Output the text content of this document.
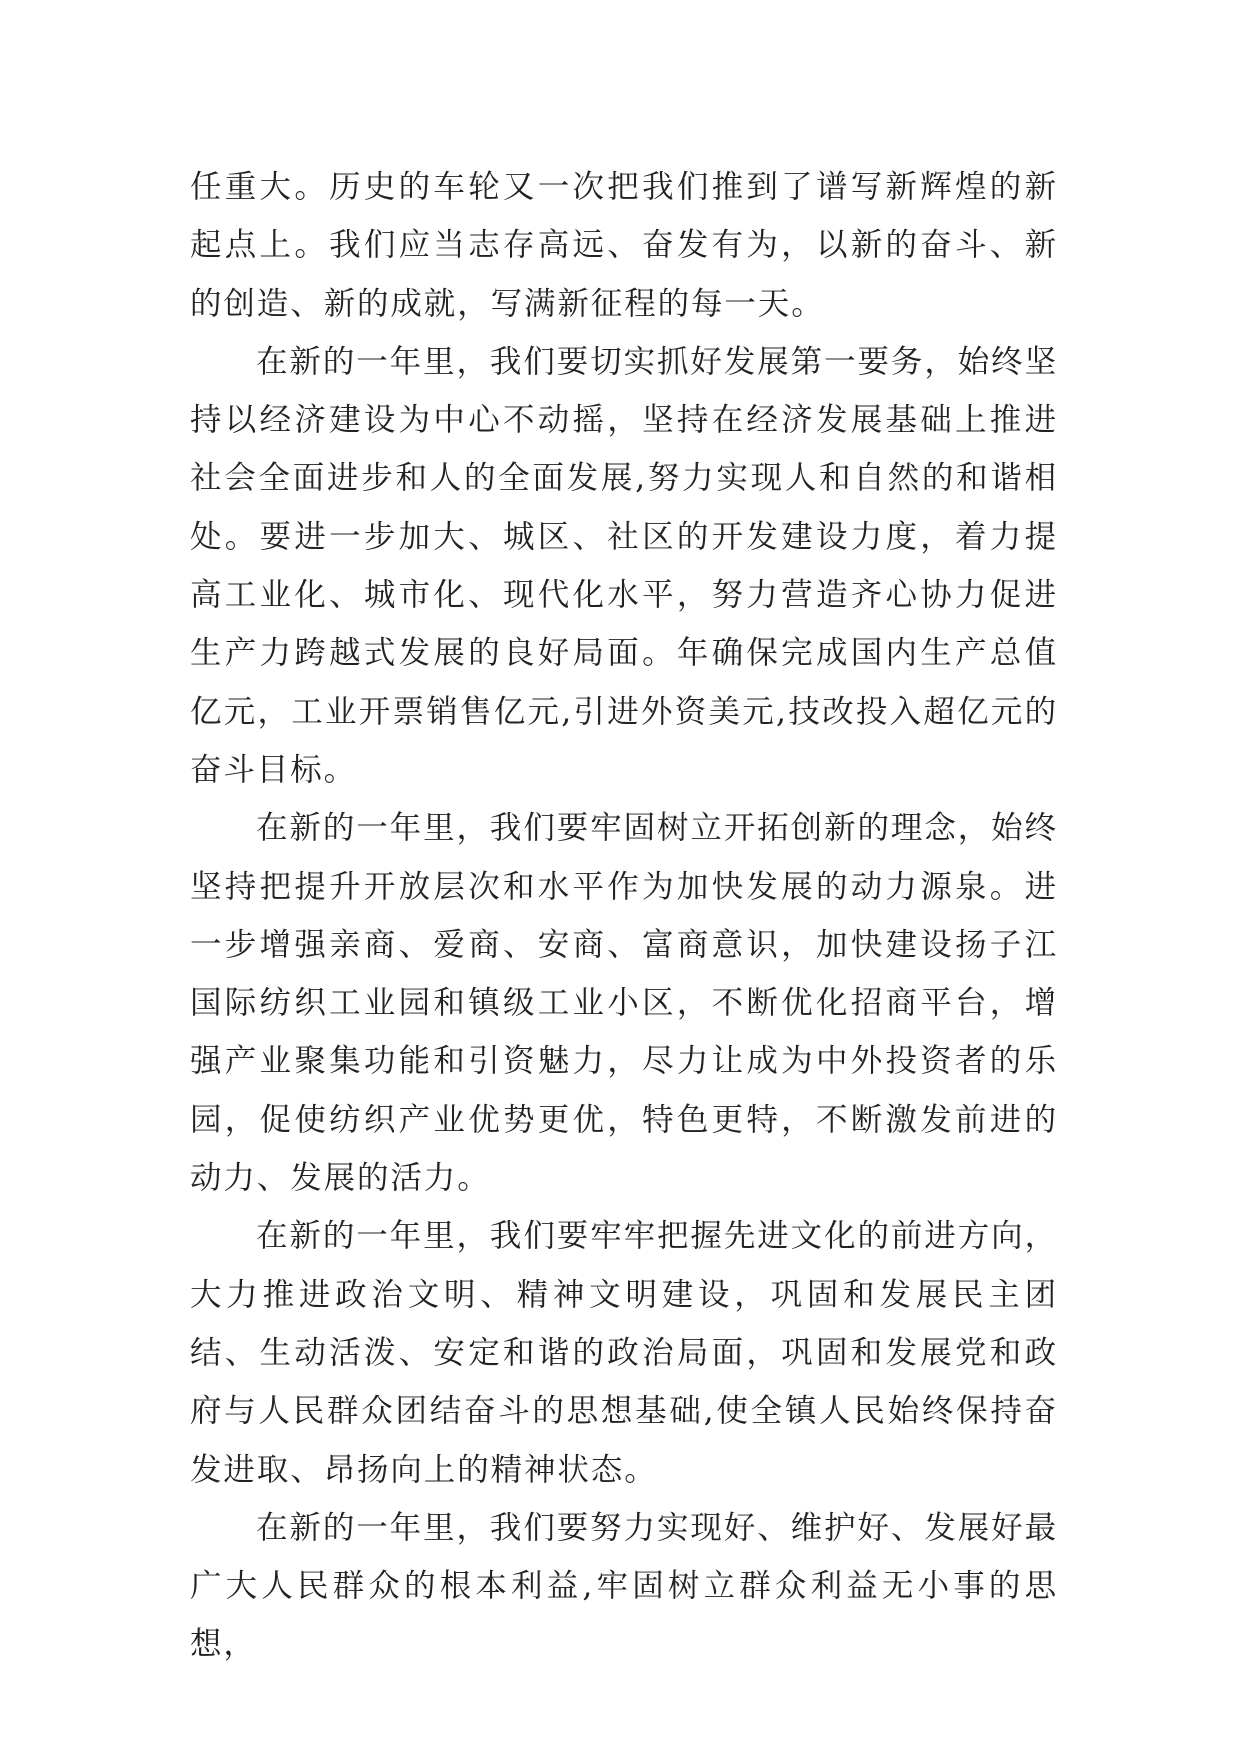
任重大。历史的车轮又一次把我们推到了谱写新辉煌的新起点上。我们应当志存高远、奋发有为，以新的奋斗、新的创造、新的成就，写满新征程的每一天。

在新的一年里，我们要切实抓好发展第一要务，始终坚持以经济建设为中心不动摇，坚持在经济发展基础上推进社会全面进步和人的全面发展,努力实现人和自然的和谐相处。要进一步加大、城区、社区的开发建设力度，着力提高工业化、城市化、现代化水平，努力营造齐心协力促进生产力跨越式发展的良好局面。年确保完成国内生产总值亿元，工业开票销售亿元,引进外资美元,技改投入超亿元的奋斗目标。

在新的一年里，我们要牢固树立开拓创新的理念，始终坚持把提升开放层次和水平作为加快发展的动力源泉。进一步增强亲商、爱商、安商、富商意识，加快建设扬子江国际纺织工业园和镇级工业小区，不断优化招商平台，增强产业聚集功能和引资魅力，尽力让成为中外投资者的乐园，促使纺织产业优势更优，特色更特，不断激发前进的动力、发展的活力。

在新的一年里，我们要牢牢把握先进文化的前进方向，大力推进政治文明、精神文明建设，巩固和发展民主团结、生动活泼、安定和谐的政治局面，巩固和发展党和政府与人民群众团结奋斗的思想基础,使全镇人民始终保持奋发进取、昂扬向上的精神状态。

在新的一年里，我们要努力实现好、维护好、发展好最广大人民群众的根本利益,牢固树立群众利益无小事的思想，
